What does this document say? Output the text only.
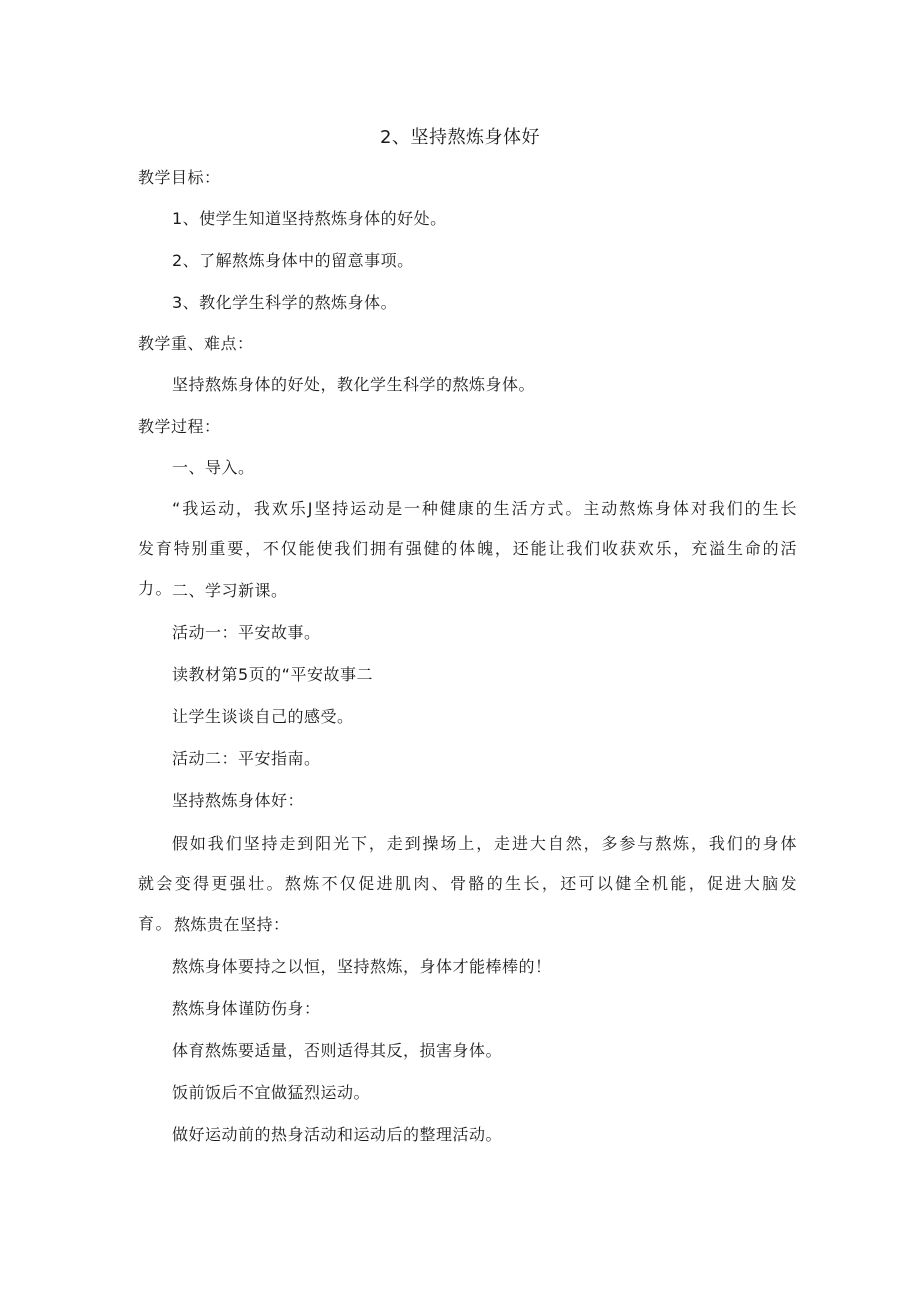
2、坚持熬炼身体好
教学目标：
1、使学生知道坚持熬炼身体的好处。
2、了解熬炼身体中的留意事项。
3、教化学生科学的熬炼身体。
教学重、难点：
坚持熬炼身体的好处，教化学生科学的熬炼身体。
教学过程：
一、导入。
“我运动，我欢乐J坚持运动是一种健康的生活方式。主动熬炼身体对我们的生长发育特别重要，不仅能使我们拥有强健的体魄，还能让我们收获欢乐，充溢生命的活力。
二、学习新课。
活动一：平安故事。
读教材第5页的“平安故事二
让学生谈谈自己的感受。
活动二：平安指南。
坚持熬炼身体好：
假如我们坚持走到阳光下，走到操场上，走进大自然，多参与熬炼，我们的身体就会变得更强壮。熬炼不仅促进肌肉、骨骼的生长，还可以健全机能，促进大脑发育。 熬炼贵在坚持：
熬炼身体要持之以恒，坚持熬炼，身体才能棒棒的！
熬炼身体谨防伤身：
体育熬炼要适量，否则适得其反，损害身体。
饭前饭后不宜做猛烈运动。
做好运动前的热身活动和运动后的整理活动。
